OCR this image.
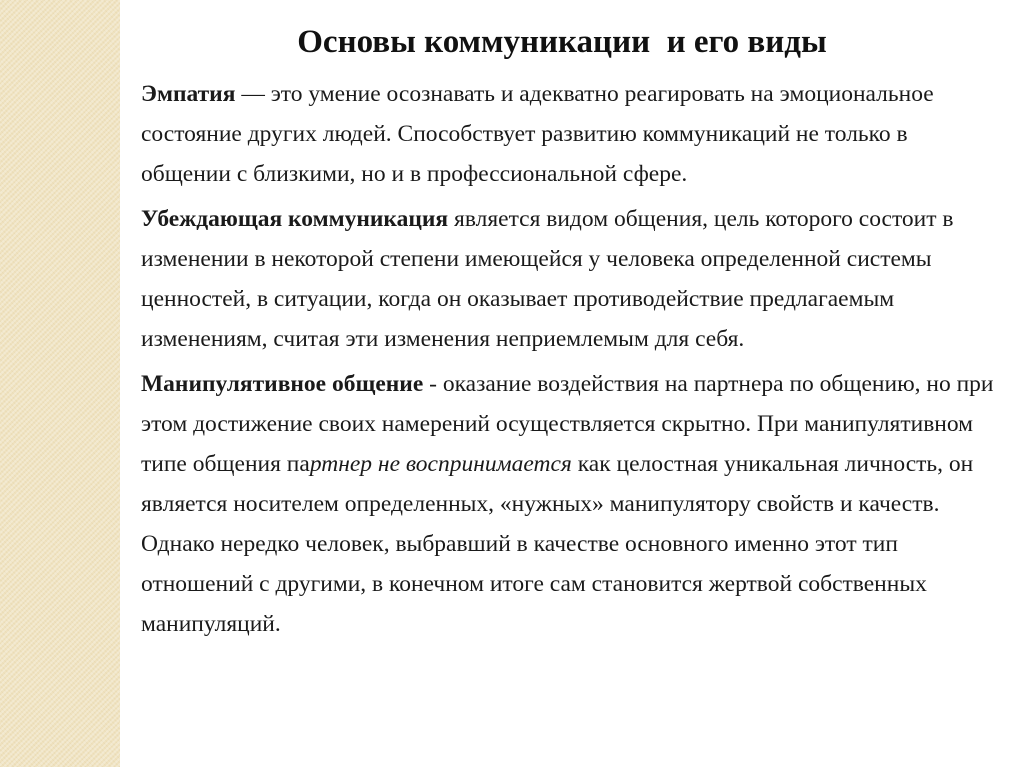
Основы коммуникации  и его виды

Эмпатия — это умение осознавать и адекватно реагировать на эмоциональное состояние других людей. Способствует развитию коммуникаций не только в общении с близкими, но и в профессиональной сфере.

Убеждающая коммуникация является видом общения, цель которого состоит в изменении в некоторой степени имеющейся у человека определенной системы ценностей, в ситуации, когда он оказывает противодействие предлагаемым изменениям, считая эти изменения неприемлемым для себя.

Манипулятивное общение - оказание воздействия на партнера по общению, но при этом достижение своих намерений осуществляется скрытно. При манипулятивном типе общения партнер не воспринимается как целостная уникальная личность, он является носителем определенных, «нужных» манипулятору свойств и качеств. Однако нередко человек, выбравший в качестве основного именно этот тип отношений с другими, в конечном итоге сам становится жертвой собственных манипуляций.
